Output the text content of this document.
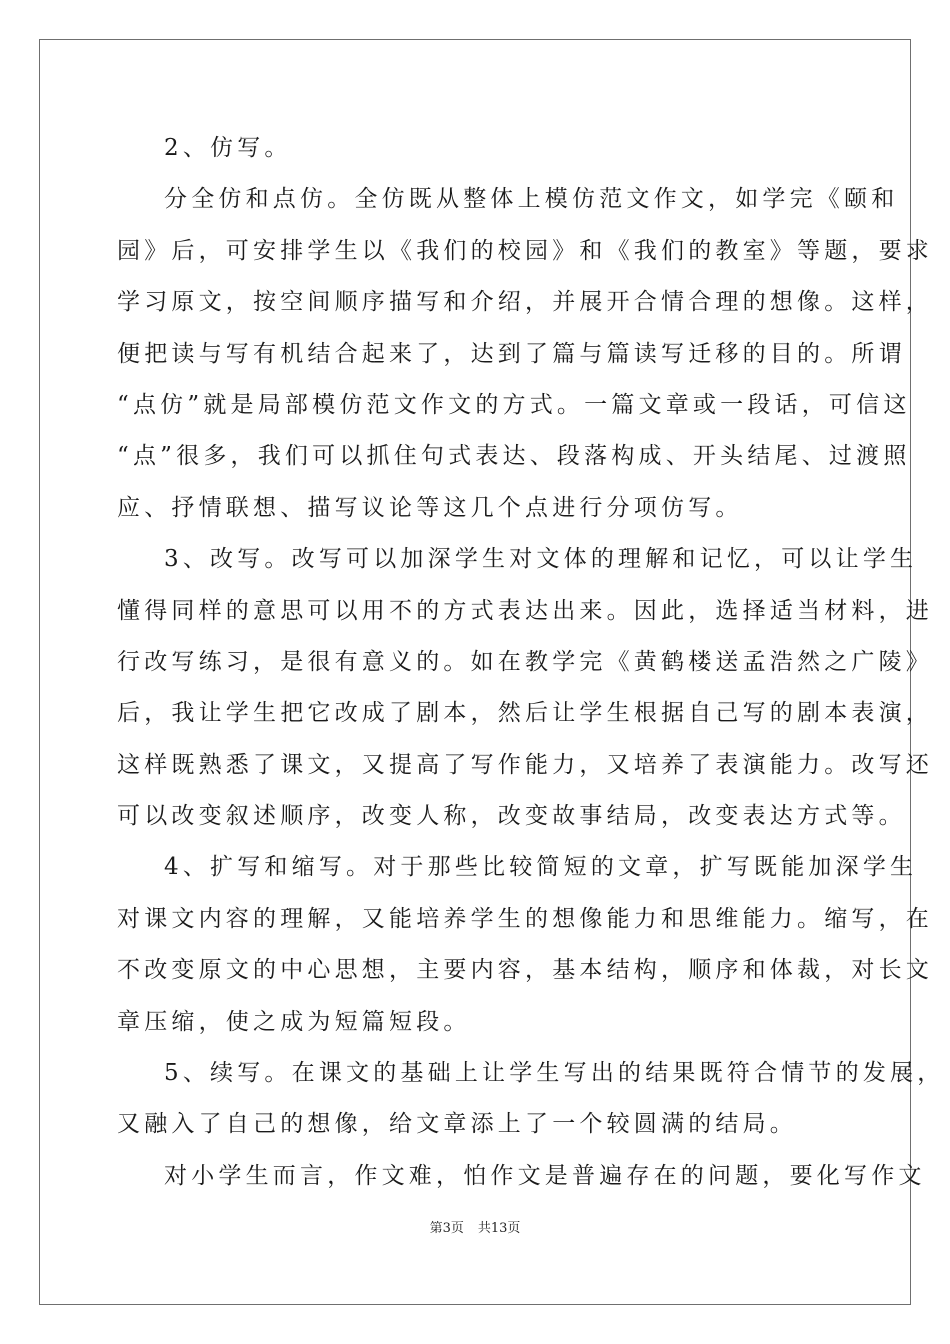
2、仿写。
分全仿和点仿。全仿既从整体上模仿范文作文，如学完《颐和
园》后，可安排学生以《我们的校园》和《我们的教室》等题，要求
学习原文，按空间顺序描写和介绍，并展开合情合理的想像。这样，
便把读与写有机结合起来了，达到了篇与篇读写迁移的目的。所谓
“点仿”就是局部模仿范文作文的方式。一篇文章或一段话，可信这
“点”很多，我们可以抓住句式表达、段落构成、开头结尾、过渡照
应、抒情联想、描写议论等这几个点进行分项仿写。
3、改写。改写可以加深学生对文体的理解和记忆，可以让学生
懂得同样的意思可以用不的方式表达出来。因此，选择适当材料，进
行改写练习，是很有意义的。如在教学完《黄鹤楼送孟浩然之广陵》
后，我让学生把它改成了剧本，然后让学生根据自己写的剧本表演，
这样既熟悉了课文，又提高了写作能力，又培养了表演能力。改写还
可以改变叙述顺序，改变人称，改变故事结局，改变表达方式等。
4、扩写和缩写。对于那些比较简短的文章，扩写既能加深学生
对课文内容的理解，又能培养学生的想像能力和思维能力。缩写，在
不改变原文的中心思想，主要内容，基本结构，顺序和体裁，对长文
章压缩，使之成为短篇短段。
5、续写。在课文的基础上让学生写出的结果既符合情节的发展，
又融入了自己的想像，给文章添上了一个较圆满的结局。
对小学生而言，作文难，怕作文是普遍存在的问题，要化写作文
第3页 共13页
